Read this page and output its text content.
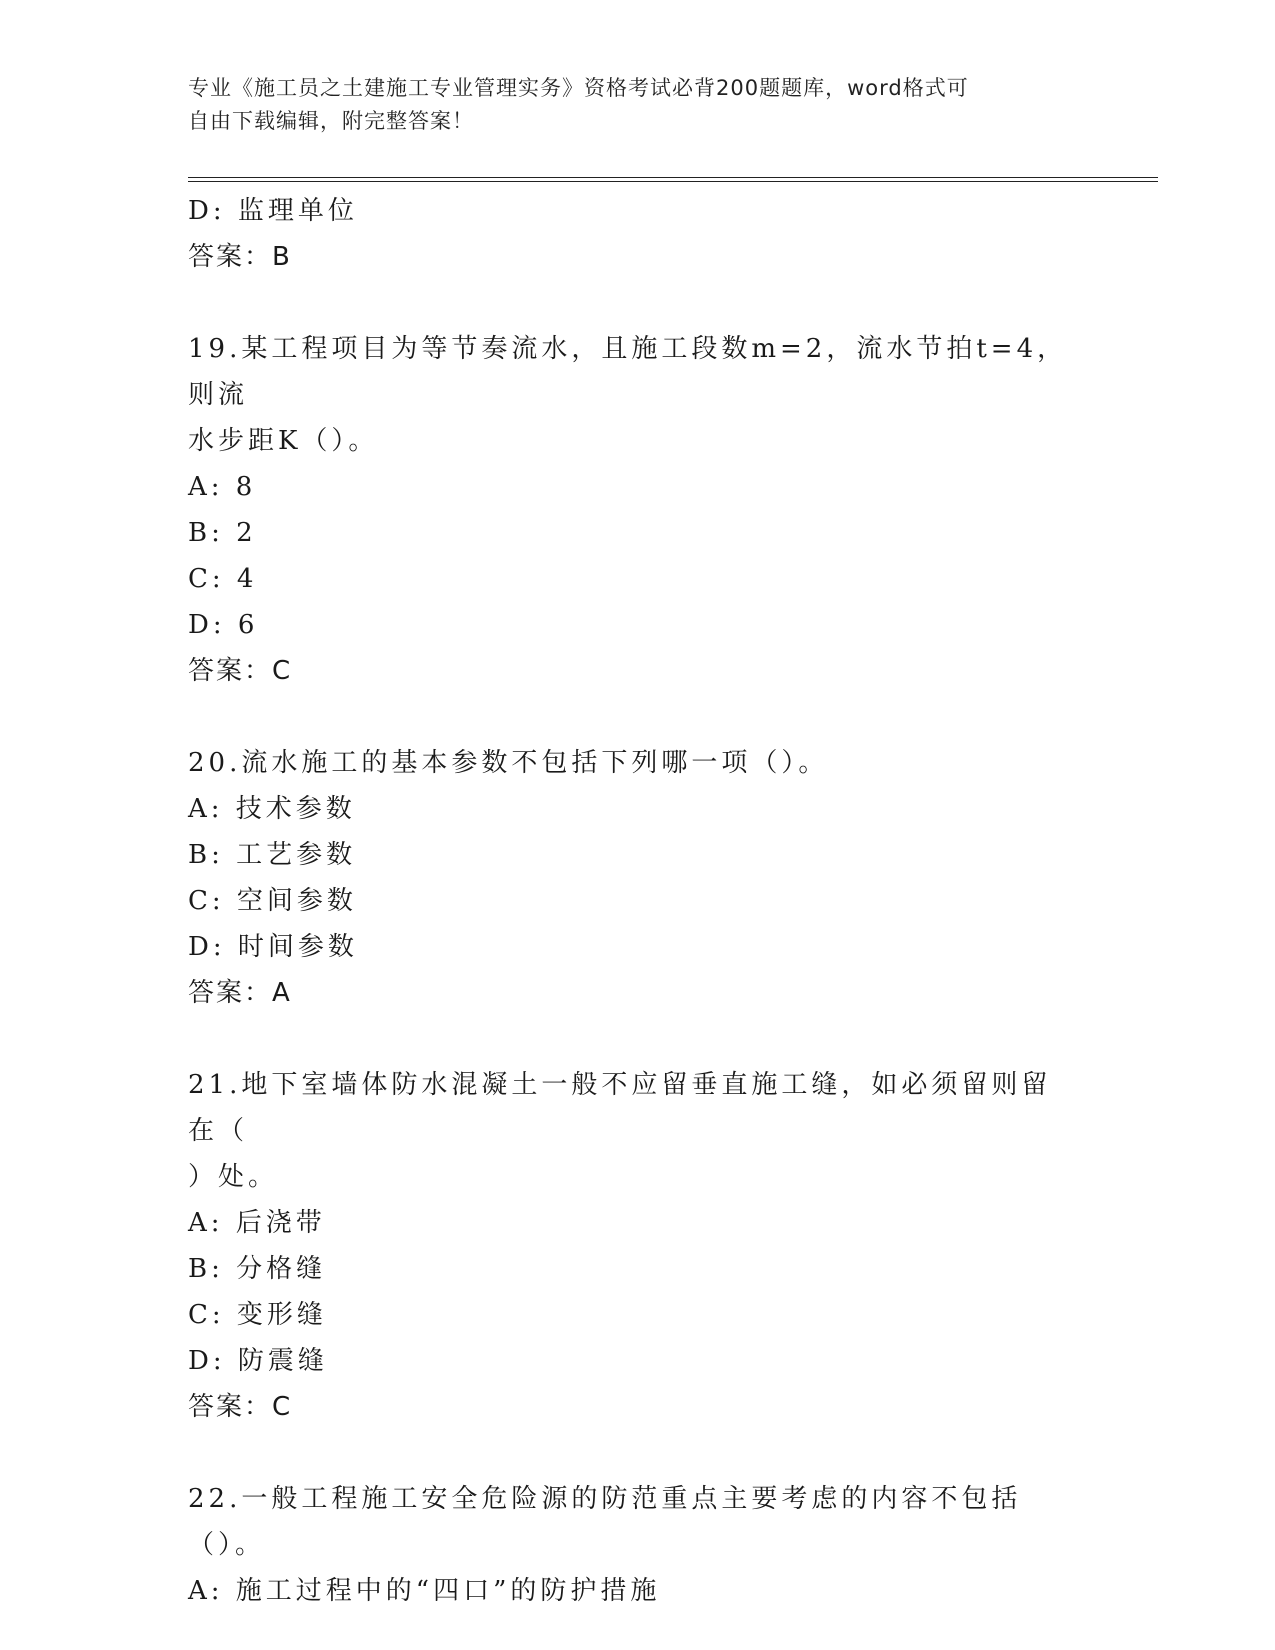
专业《施工员之土建施工专业管理实务》资格考试必背200题题库，word格式可
自由下载编辑，附完整答案！
D: 监理单位
答案：B
19.某工程项目为等节奏流水，且施工段数m=2，流水节拍t=4，则流
水步距K（）。
A: 8
B: 2
C: 4
D: 6
答案：C
20.流水施工的基本参数不包括下列哪一项（）。
A: 技术参数
B: 工艺参数
C: 空间参数
D: 时间参数
答案：A
21.地下室墙体防水混凝土一般不应留垂直施工缝，如必须留则留在（
）处。
A: 后浇带
B: 分格缝
C: 变形缝
D: 防震缝
答案：C
22.一般工程施工安全危险源的防范重点主要考虑的内容不包括（）。
A: 施工过程中的“四口”的防护措施
